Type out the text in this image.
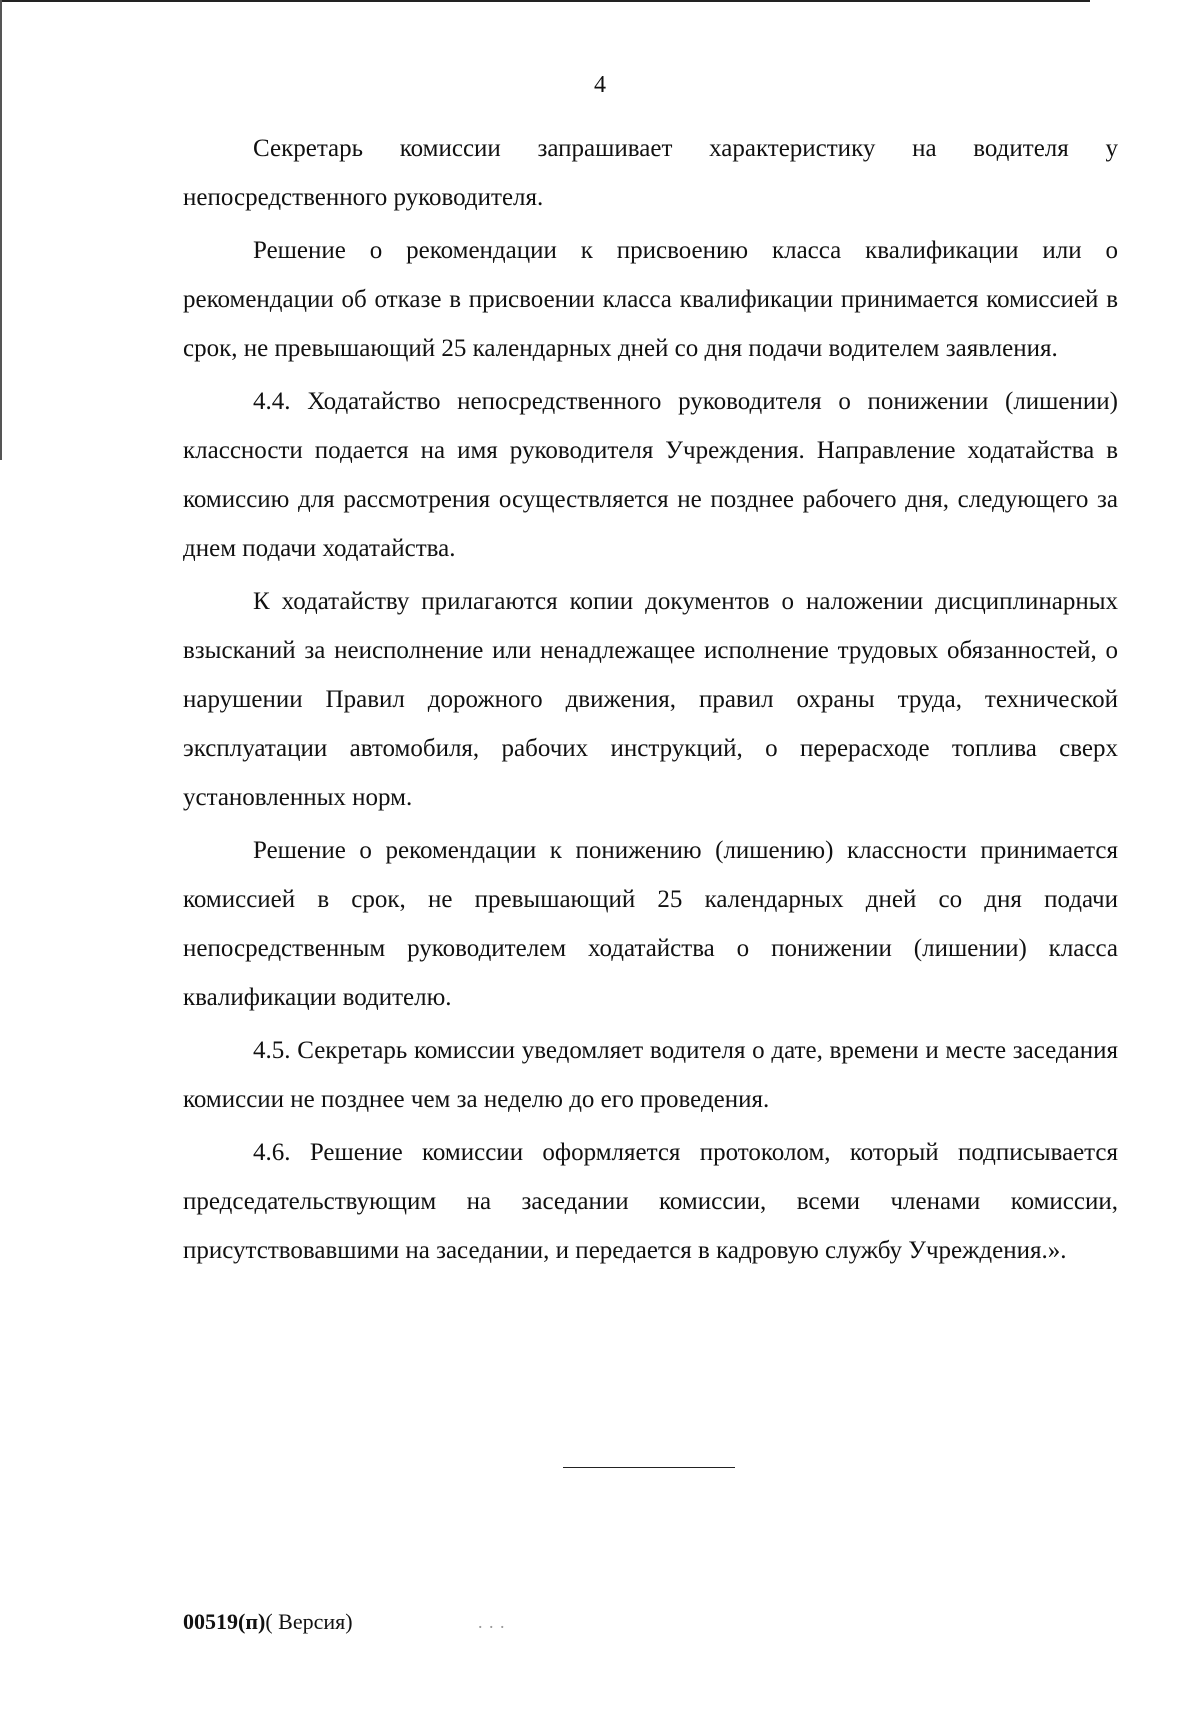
4

Секретарь комиссии запрашивает характеристику на водителя у непосредственного руководителя.

Решение о рекомендации к присвоению класса квалификации или о рекомендации об отказе в присвоении класса квалификации принимается комиссией в срок, не превышающий 25 календарных дней со дня подачи водителем заявления.

4.4. Ходатайство непосредственного руководителя о понижении (лишении) классности подается на имя руководителя Учреждения. Направление ходатайства в комиссию для рассмотрения осуществляется не позднее рабочего дня, следующего за днем подачи ходатайства.

К ходатайству прилагаются копии документов о наложении дисциплинарных взысканий за неисполнение или ненадлежащее исполнение трудовых обязанностей, о нарушении Правил дорожного движения, правил охраны труда, технической эксплуатации автомобиля, рабочих инструкций, о перерасходе топлива сверх установленных норм.

Решение о рекомендации к понижению (лишению) классности принимается комиссией в срок, не превышающий 25 календарных дней со дня подачи непосредственным руководителем ходатайства о понижении (лишении) класса квалификации водителю.

4.5. Секретарь комиссии уведомляет водителя о дате, времени и месте заседания комиссии не позднее чем за неделю до его проведения.

4.6. Решение комиссии оформляется протоколом, который подписывается председательствующим на заседании комиссии, всеми членами комиссии, присутствовавшими на заседании, и передается в кадровую службу Учреждения.».

00519(п)( Версия)	. . .
